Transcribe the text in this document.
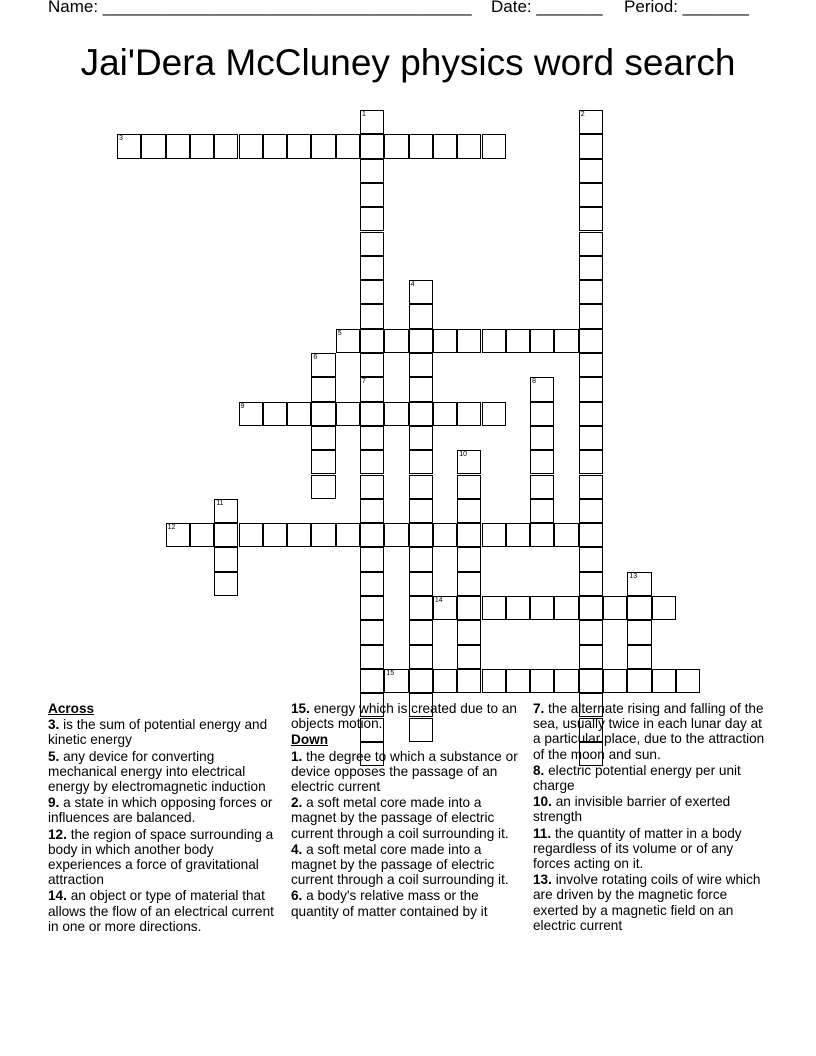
Name: _______________________________________ Date: _______ Period: _______
Jai'Dera McCluney physics word search
1
7
2
3
4
5
6
8
9
10
11
12
13
14
15

Across

3. is the sum of potential energy and kinetic energy

5. any device for converting mechanical energy into electrical energy by electromagnetic induction

9. a state in which opposing forces or influences are balanced.

12. the region of space surrounding a body in which another body experiences a force of gravitational attraction

14. an object or type of material that allows the flow of an electrical current in one or more directions.

15. energy which is created due to an objects motion.

Down

1. the degree to which a substance or device opposes the passage of an electric current

2. a soft metal core made into a magnet by the passage of electric current through a coil surrounding it.

4. a soft metal core made into a magnet by the passage of electric current through a coil surrounding it.

6. a body's relative mass or the quantity of matter contained by it

7. the alternate rising and falling of the sea, usually twice in each lunar day at a particular place, due to the attraction of the moon and sun.

8. electric potential energy per unit charge

10. an invisible barrier of exerted strength

11. the quantity of matter in a body regardless of its volume or of any forces acting on it.

13. involve rotating coils of wire which are driven by the magnetic force exerted by a magnetic field on an electric current
